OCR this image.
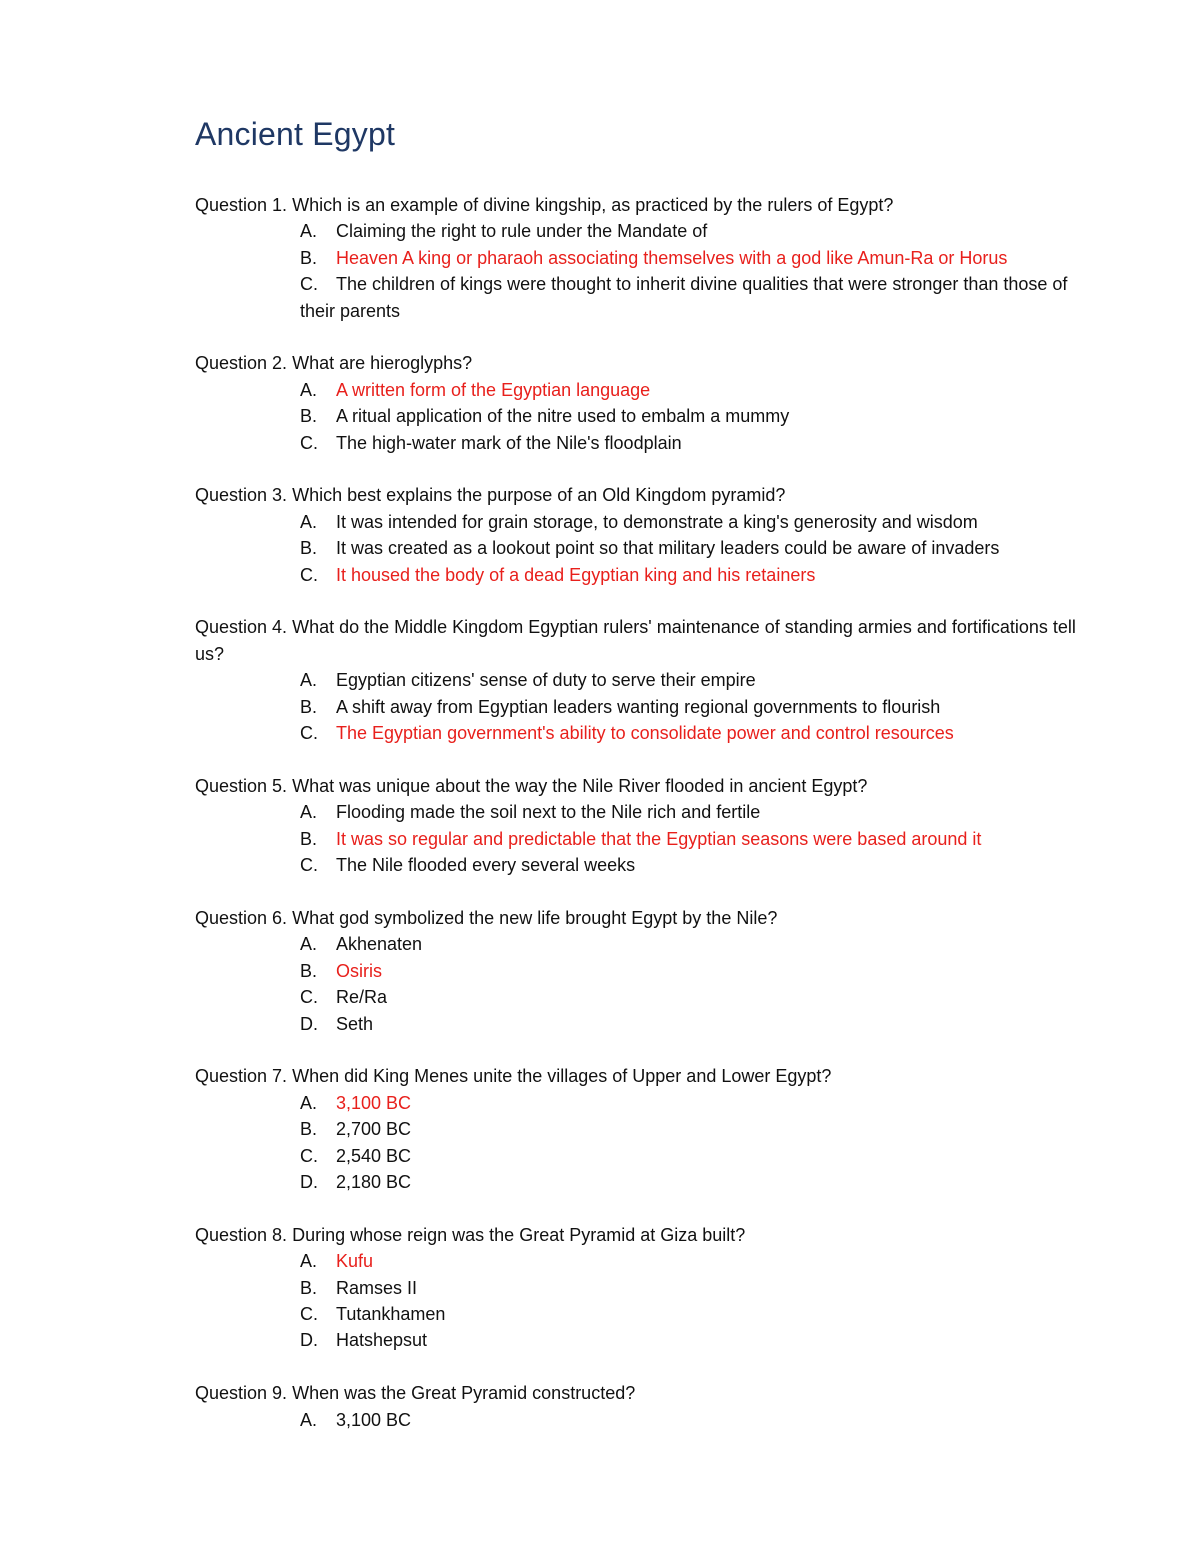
Ancient Egypt

Question 1. Which is an example of divine kingship, as practiced by the rulers of Egypt?

A.	Claiming the right to rule under the Mandate of
B.	Heaven A king or pharaoh associating themselves with a god like Amun-Ra or Horus
C. The children of kings were thought to inherit divine qualities that were stronger than those of their parents

Question 2. What are hieroglyphs?

A.	A written form of the Egyptian language
B.	A ritual application of the nitre used to embalm a mummy
C.	The high-water mark of the Nile's floodplain

Question 3. Which best explains the purpose of an Old Kingdom pyramid?

A.	It was intended for grain storage, to demonstrate a king's generosity and wisdom
B.	It was created as a lookout point so that military leaders could be aware of invaders
C.	It housed the body of a dead Egyptian king and his retainers

Question 4. What do the Middle Kingdom Egyptian rulers' maintenance of standing armies and fortifications tell us?

A.	Egyptian citizens' sense of duty to serve their empire
B.	A shift away from Egyptian leaders wanting regional governments to flourish
C.	The Egyptian government's ability to consolidate power and control resources

Question 5. What was unique about the way the Nile River flooded in ancient Egypt?

A.	Flooding made the soil next to the Nile rich and fertile
B.	It was so regular and predictable that the Egyptian seasons were based around it
C.	The Nile flooded every several weeks

Question 6. What god symbolized the new life brought Egypt by the Nile?

A.	Akhenaten
B.	Osiris
C.	Re/Ra
D.	Seth

Question 7. When did King Menes unite the villages of Upper and Lower Egypt?

A.	3,100 BC
B.	2,700 BC
C.	2,540 BC
D.	2,180 BC

Question 8. During whose reign was the Great Pyramid at Giza built?

A.	Kufu
B.	Ramses II
C.	Tutankhamen
D.	Hatshepsut

Question 9. When was the Great Pyramid constructed?

A.	3,100 BC
